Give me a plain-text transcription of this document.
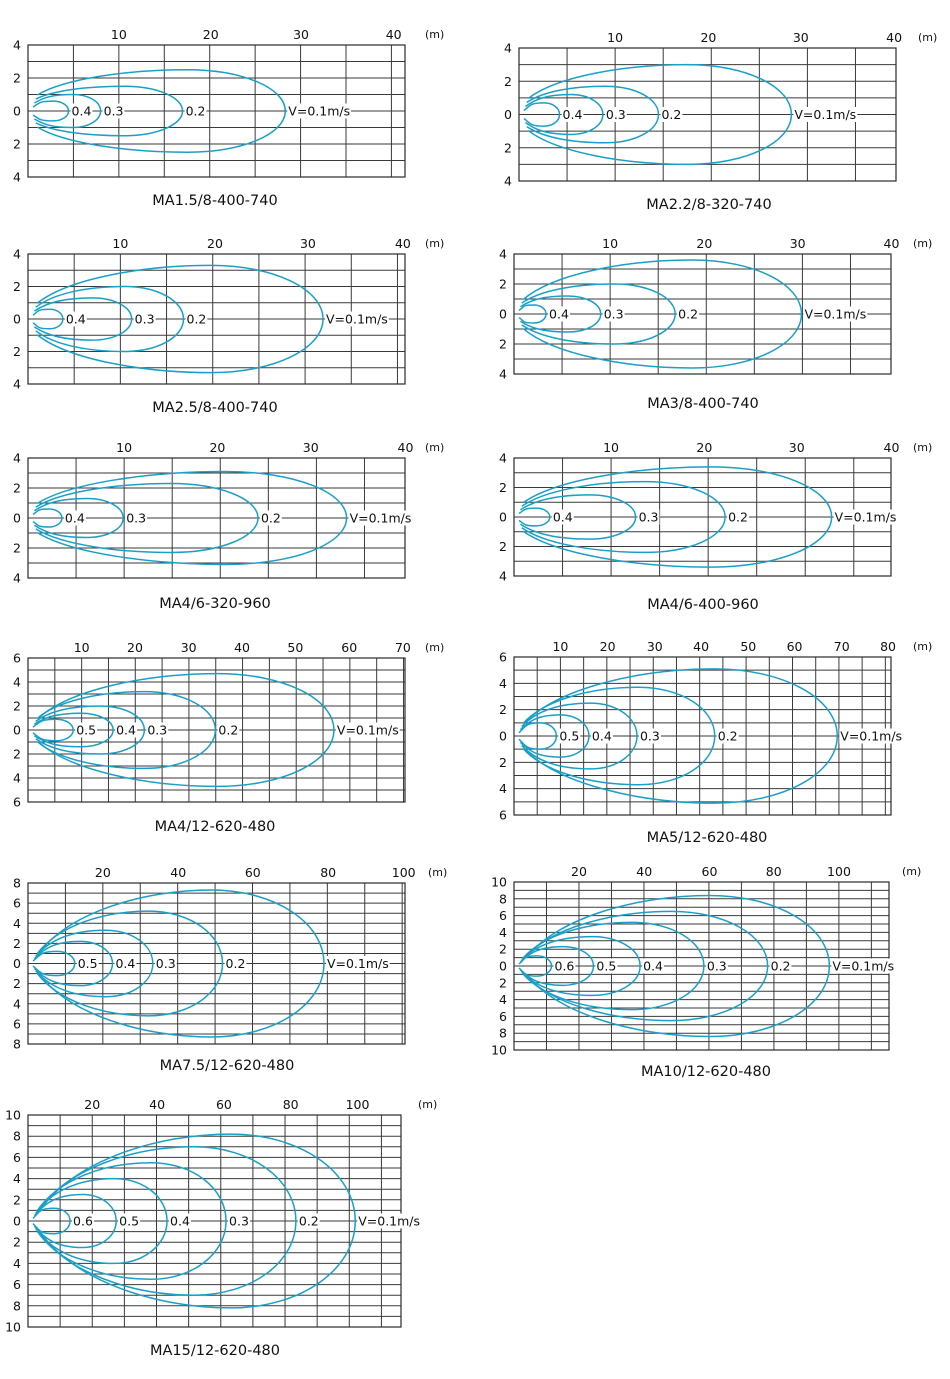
10	20	30	40 (m)
4
2
0
2
4
0.4 0.3	0.2	V=0.1m/s
MA1.5/8-400-740
10	20	30	40 (m)
4
2
0
2
4
0.4 0.3	0.2	V=0.1m/s
MA2.2/8-320-740
10	20	30	40 (m)
4
2
0
2
4
0.4	0.3	0.2	V=0.1m/s
MA2.5/8-400-740
10	20	30	40 (m)
4
2
0
2
4
0.4	0.3	0.2	V=0.1m/s
MA3/8-400-740
10	20	30	40 (m)
4
2
0
2
4
0.4	0.3	0.2	V=0.1m/s
MA4/6-320-960
10	20	30	40 (m)
4
2
0
2
4
0.4	0.3	0.2	V=0.1m/s
MA4/6-400-960
10	20	30	40	50	60	70 (m)
6
4
2
0
2
4
6
0.5 0.4 0.3	0.2	V=0.1m/s
MA4/12-620-480
10	20	30 40	50 60	70 80 (m)
6
4
2
0
2
4
6
0.5 0.4 0.3	0.2	V=0.1m/s
MA5/12-620-480
20	40	60	80	100 (m)
8
6
4
2
0
2
4
6
8
0.5 0.4 0.3	0.2	V=0.1m/s
MA7.5/12-620-480
20	40	60	80	100	(m)
10
8
6
4
2
0
2
4
6
8
10
0.6 0.5 0.4	0.3	0.2	V=0.1m/s
MA10/12-620-480
20	40	60	80	100	(m)
10
8
6
4
2
0
2
4
6
8
10
0.6 0.5 0.4	0.3	0.2	V=0.1m/s
MA15/12-620-480
